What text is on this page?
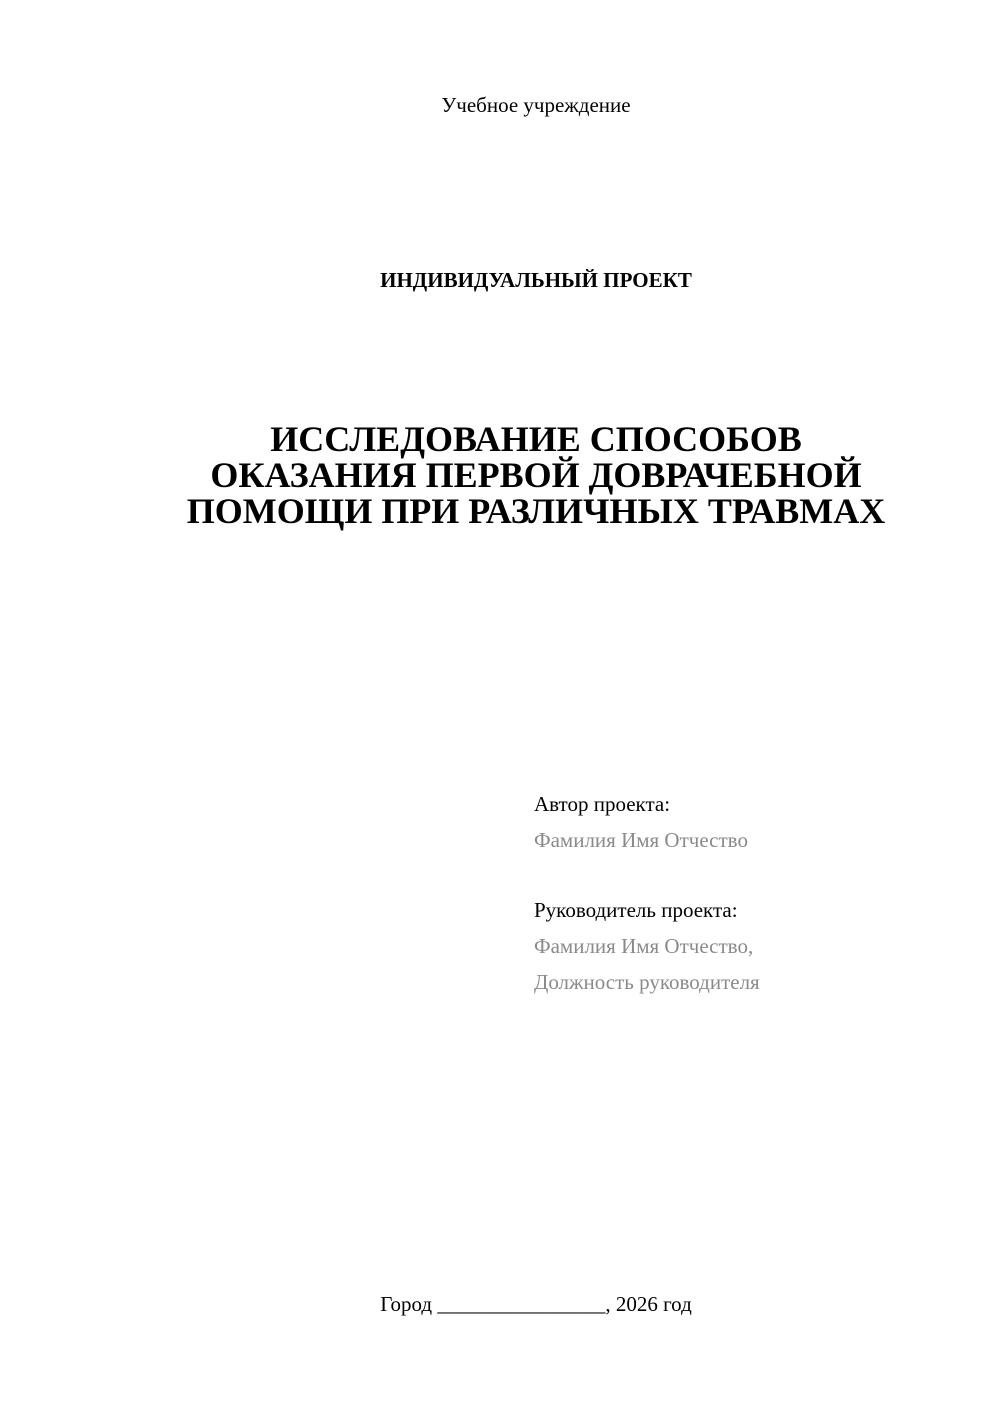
Учебное учреждение
ИНДИВИДУАЛЬНЫЙ ПРОЕКТ
ИССЛЕДОВАНИЕ СПОСОБОВ
ОКАЗАНИЯ ПЕРВОЙ ДОВРАЧЕБНОЙ
ПОМОЩИ ПРИ РАЗЛИЧНЫХ ТРАВМАХ
Автор проекта:
Фамилия Имя Отчество
Руководитель проекта:
Фамилия Имя Отчество,
Должность руководителя
Город ________________, 2026 год
